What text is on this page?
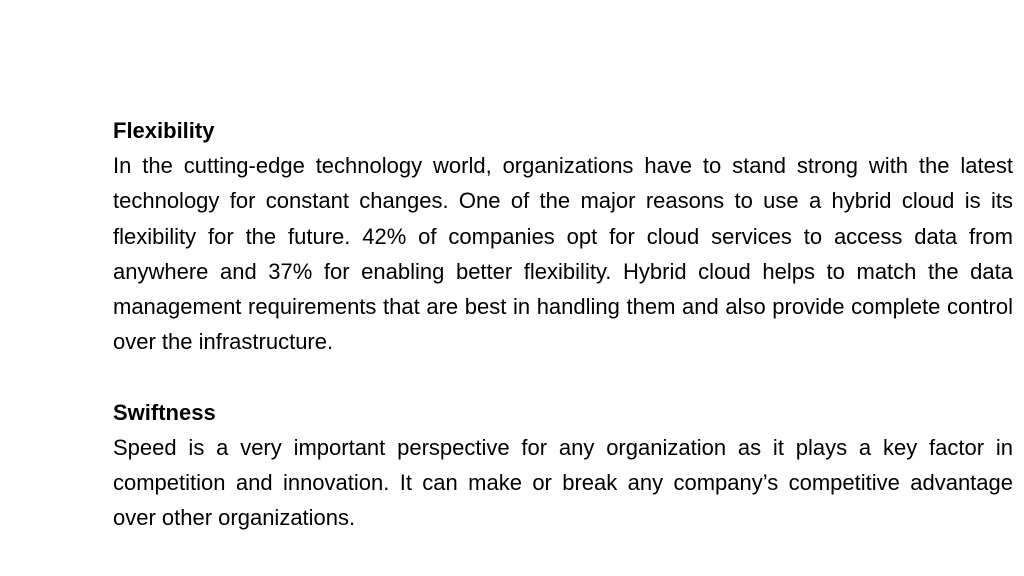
Flexibility

In the cutting-edge technology world, organizations have to stand strong with the latest technology for constant changes. One of the major reasons to use a hybrid cloud is its flexibility for the future. 42% of companies opt for cloud services to access data from anywhere and 37% for enabling better flexibility. Hybrid cloud helps to match the data management requirements that are best in handling them and also provide complete control over the infrastructure.

Swiftness

Speed is a very important perspective for any organization as it plays a key factor in competition and innovation. It can make or break any company’s competitive advantage over other organizations.
